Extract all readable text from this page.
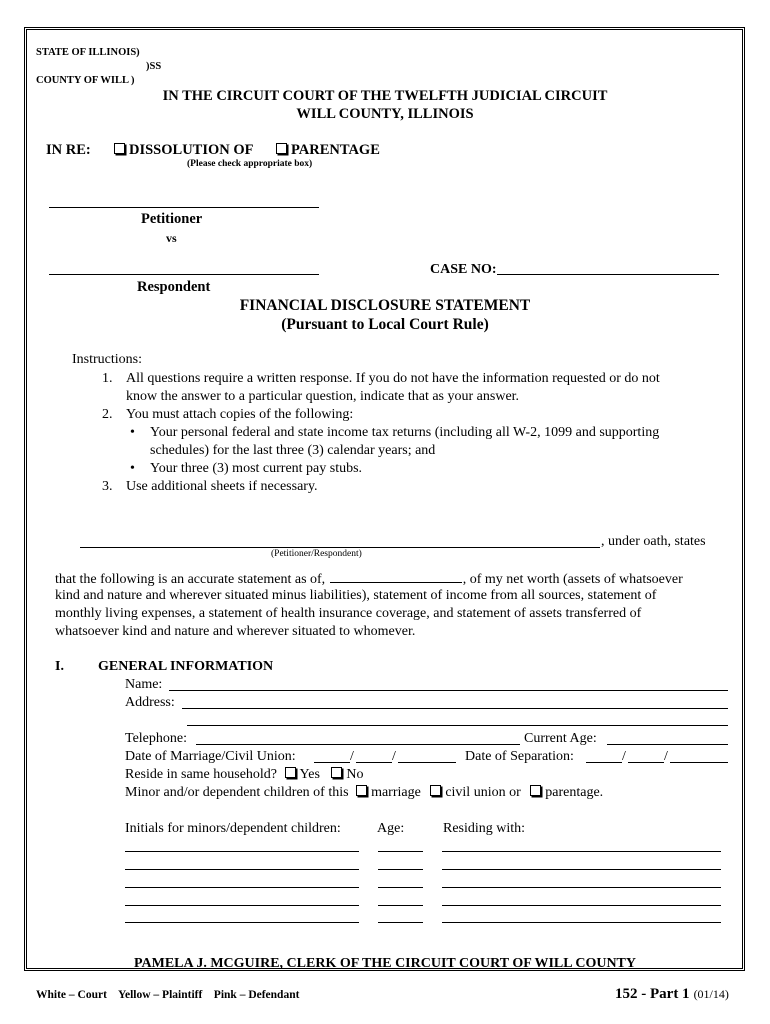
STATE OF ILLINOIS)
)SS
COUNTY OF WILL )
IN THE CIRCUIT COURT OF THE TWELFTH JUDICIAL CIRCUIT
WILL COUNTY, ILLINOIS
IN RE:	DISSOLUTION OF	PARENTAGE
(Please check appropriate box)
Petitioner
vs
CASE NO:
Respondent
FINANCIAL DISCLOSURE STATEMENT
(Pursuant to Local Court Rule)
Instructions:
1. All questions require a written response. If you do not have the information requested or do not
know the answer to a particular question, indicate that as your answer.
2. You must attach copies of the following:
• Your personal federal and state income tax returns (including all W-2, 1099 and supporting
schedules) for the last three (3) calendar years; and
• Your three (3) most current pay stubs.
3. Use additional sheets if necessary.
, under oath, states
(Petitioner/Respondent)
that the following is an accurate statement as of,	, of my net worth (assets of whatsoever
kind and nature and wherever situated minus liabilities), statement of income from all sources, statement of
monthly living expenses, a statement of health insurance coverage, and statement of assets transferred of
whatsoever kind and nature and wherever situated to whomever.
I. GENERAL INFORMATION
Name:
Address:
Telephone:	Current Age:
Date of Marriage/Civil Union:	/	/	Date of Separation:	/	/
Reside in same household? Yes No
Minor and/or dependent children of this marriage civil union or parentage.
Initials for minors/dependent children:	Age:	Residing with:
PAMELA J. MCGUIRE, CLERK OF THE CIRCUIT COURT OF WILL COUNTY
White – Court    Yellow – Plaintiff    Pink – Defendant	152 - Part 1 (01/14)
